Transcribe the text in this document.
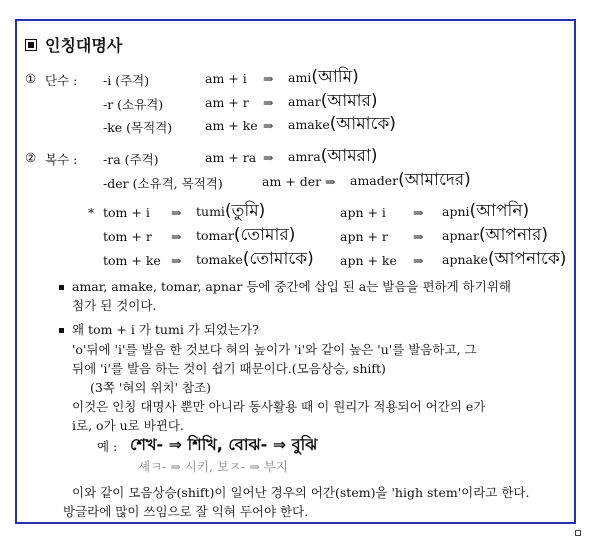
인칭대명사
① 단수 : -i (주격)	am + i ⇒ ami(আমি)
-r (소유격)	am + r ⇒ amar(আমার)
-ke (목적격)	am + ke ⇒ amake(আমাকে)
② 복수 : -ra (주격)	am + ra ⇒ amra(আমরা)
-der (소유격, 목적격)	am + der ⇒ amader(আমাদের)
* tom + i ⇒ tumi(তুমি)	apn + i ⇒ apni(আপনি)
tom + r ⇒ tomar(তোমার)	apn + r ⇒ apnar(আপনার)
tom + ke ⇒ tomake(তোমাকে) apn + ke ⇒ apnake(আপনাকে)
amar, amake, tomar, apnar 등에 중간에 삽입 된 a는 발음을 편하게 하기위해
첨가 된 것이다.
왜 tom + i 가 tumi 가 되었는가?
'o'뒤에 'i'를 발음 한 것보다 혀의 높이가 'i'와 같이 높은 'u'를 발음하고, 그
뒤에 'i'를 발음 하는 것이 쉽기 때문이다.(모음상승, shift)
(3쪽 '혀의 위치' 참조)
이것은 인칭 대명사 뿐만 아니라 동사활용 때 이 원리가 적용되어 어간의 e가
i로, o가 u로 바뀐다.
예 : শেখ- ⇒ শিখি, বোঝ- ⇒ বুঝি
셰ㅋ- ⇒ 시키, 보ㅈ- ⇒ 부지
이와 같이 모음상승(shift)이 일어난 경우의 어간(stem)을 'high stem'이라고 한다.
방글라에 많이 쓰임으로 잘 익혀 두어야 한다.
